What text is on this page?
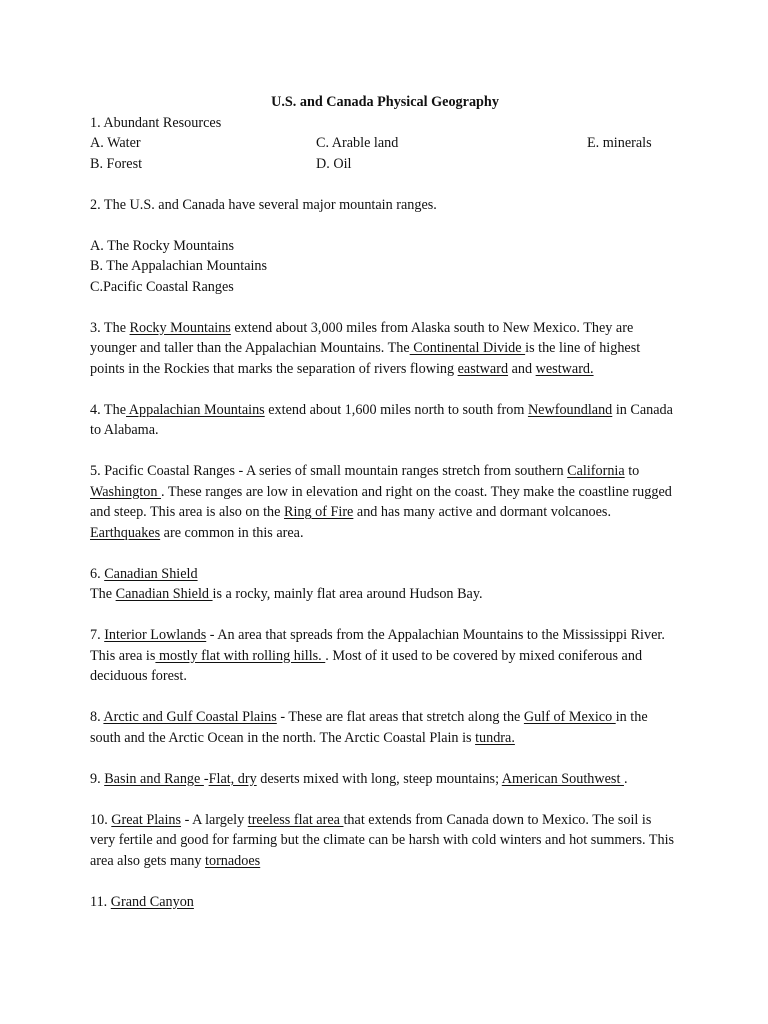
U.S. and Canada Physical Geography
1. Abundant Resources
A. Water	C. Arable land	E. minerals
B. Forest	D. Oil
2. The U.S. and Canada have several major mountain ranges.
A. The Rocky Mountains
B. The Appalachian Mountains
C.Pacific Coastal Ranges
3. The Rocky Mountains extend about 3,000 miles from Alaska south to New Mexico. They are younger and taller than the Appalachian Mountains. The Continental Divide is the line of highest points in the Rockies that marks the separation of rivers flowing eastward and westward.
4. The Appalachian Mountains extend about 1,600 miles north to south from Newfoundland in Canada to Alabama.
5. Pacific Coastal Ranges - A series of small mountain ranges stretch from southern California to Washington . These ranges are low in elevation and right on the coast. They make the coastline rugged and steep. This area is also on the Ring of Fire and has many active and dormant volcanoes. Earthquakes are common in this area.
6. Canadian Shield
The Canadian Shield is a rocky, mainly flat area around Hudson Bay.
7. Interior Lowlands - An area that spreads from the Appalachian Mountains to the Mississippi River. This area is mostly flat with rolling hills. . Most of it used to be covered by mixed coniferous and deciduous forest.
8. Arctic and Gulf Coastal Plains - These are flat areas that stretch along the Gulf of Mexico in the south and the Arctic Ocean in the north. The Arctic Coastal Plain is tundra.
9. Basin and Range -Flat, dry deserts mixed with long, steep mountains; American Southwest .
10. Great Plains - A largely treeless flat area that extends from Canada down to Mexico. The soil is very fertile and good for farming but the climate can be harsh with cold winters and hot summers. This area also gets many tornadoes
11. Grand Canyon
